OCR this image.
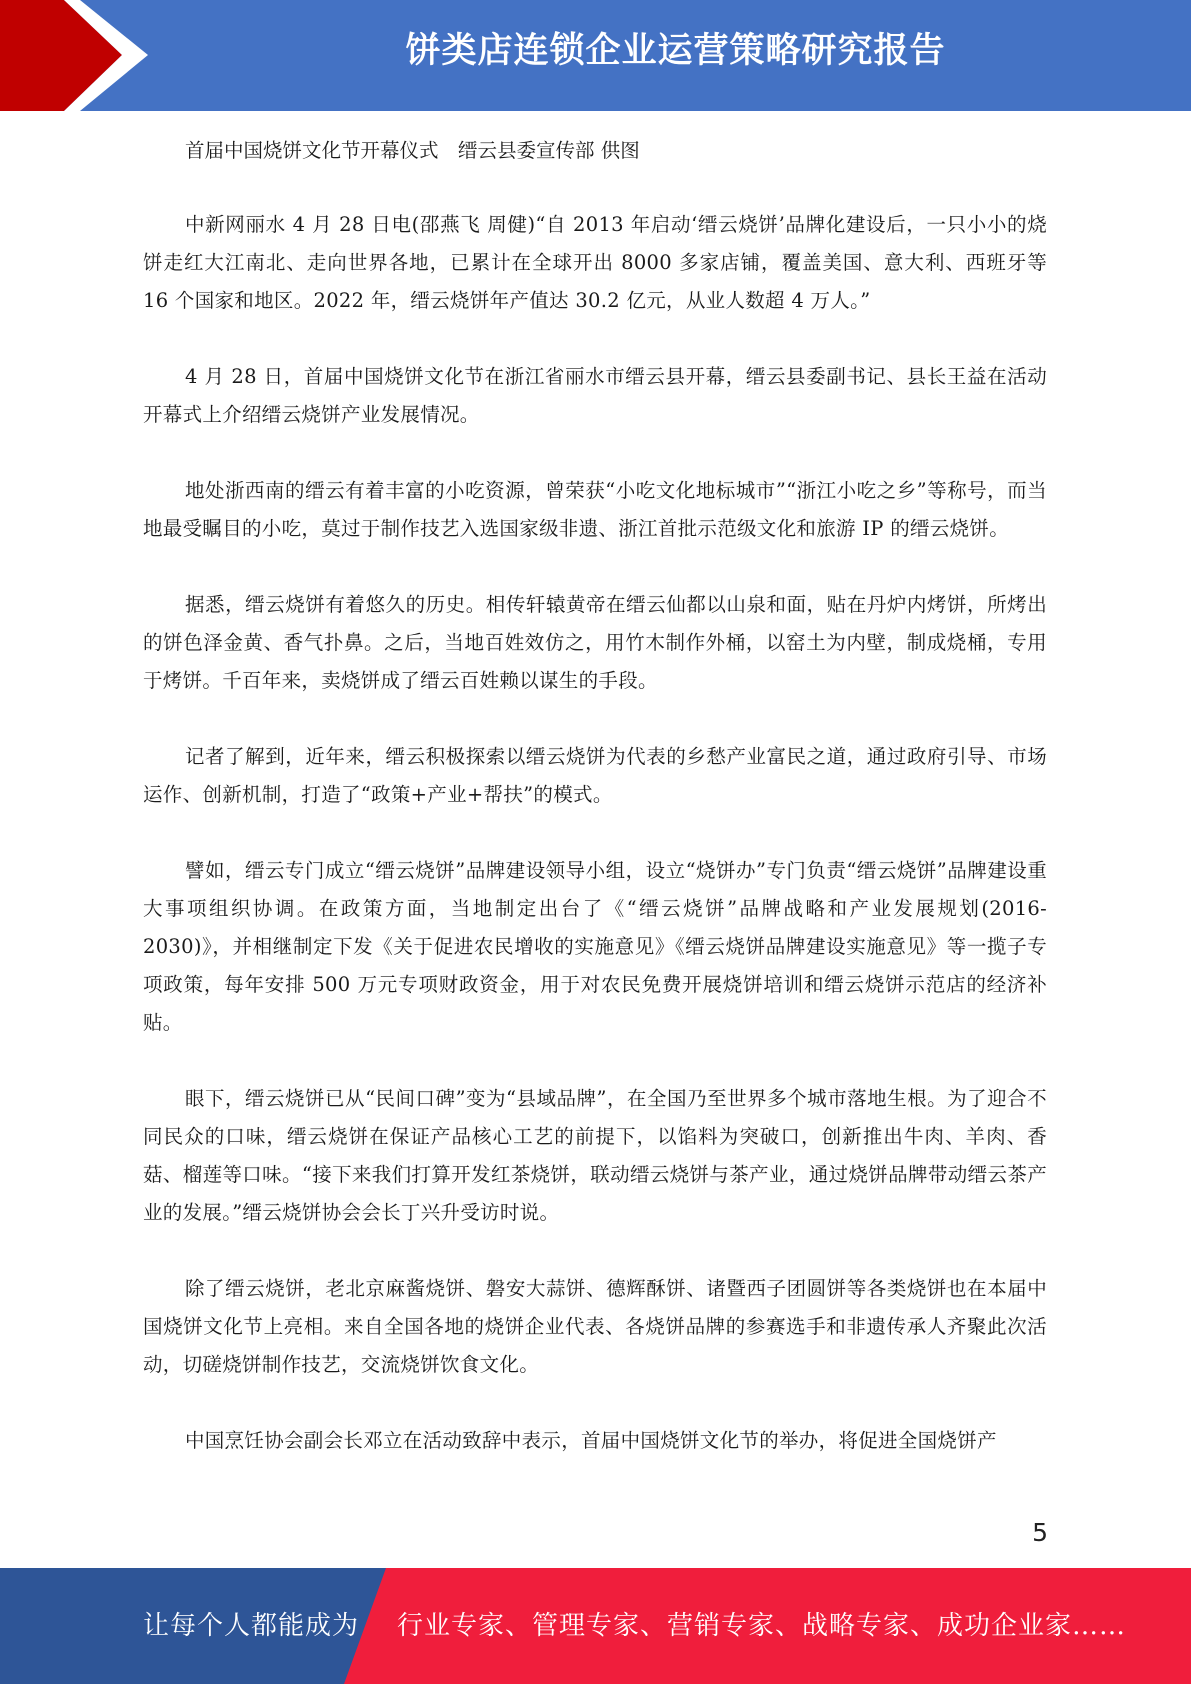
饼类店连锁企业运营策略研究报告

首届中国烧饼文化节开幕仪式　缙云县委宣传部 供图

中新网丽水 4 月 28 日电(邵燕飞 周健)“自 2013 年启动‘缙云烧饼’品牌化建设后，一只小小的烧饼走红大江南北、走向世界各地，已累计在全球开出 8000 多家店铺，覆盖美国、意大利、西班牙等 16 个国家和地区。2022 年，缙云烧饼年产值达 30.2 亿元，从业人数超 4 万人。”

4 月 28 日，首届中国烧饼文化节在浙江省丽水市缙云县开幕，缙云县委副书记、县长王益在活动开幕式上介绍缙云烧饼产业发展情况。

地处浙西南的缙云有着丰富的小吃资源，曾荣获“小吃文化地标城市”“浙江小吃之乡”等称号，而当地最受瞩目的小吃，莫过于制作技艺入选国家级非遗、浙江首批示范级文化和旅游 IP 的缙云烧饼。

据悉，缙云烧饼有着悠久的历史。相传轩辕黄帝在缙云仙都以山泉和面，贴在丹炉内烤饼，所烤出的饼色泽金黄、香气扑鼻。之后，当地百姓效仿之，用竹木制作外桶，以窑土为内壁，制成烧桶，专用于烤饼。千百年来，卖烧饼成了缙云百姓赖以谋生的手段。

记者了解到，近年来，缙云积极探索以缙云烧饼为代表的乡愁产业富民之道，通过政府引导、市场运作、创新机制，打造了“政策+产业+帮扶”的模式。

譬如，缙云专门成立“缙云烧饼”品牌建设领导小组，设立“烧饼办”专门负责“缙云烧饼”品牌建设重大事项组织协调。在政策方面，当地制定出台了《“缙云烧饼”品牌战略和产业发展规划(2016-2030)》，并相继制定下发《关于促进农民增收的实施意见》《缙云烧饼品牌建设实施意见》等一揽子专项政策，每年安排 500 万元专项财政资金，用于对农民免费开展烧饼培训和缙云烧饼示范店的经济补贴。

眼下，缙云烧饼已从“民间口碑”变为“县域品牌”，在全国乃至世界多个城市落地生根。为了迎合不同民众的口味，缙云烧饼在保证产品核心工艺的前提下，以馅料为突破口，创新推出牛肉、羊肉、香菇、榴莲等口味。“接下来我们打算开发红茶烧饼，联动缙云烧饼与茶产业，通过烧饼品牌带动缙云茶产业的发展。”缙云烧饼协会会长丁兴升受访时说。

除了缙云烧饼，老北京麻酱烧饼、磐安大蒜饼、德辉酥饼、诸暨西子团圆饼等各类烧饼也在本届中国烧饼文化节上亮相。来自全国各地的烧饼企业代表、各烧饼品牌的参赛选手和非遗传承人齐聚此次活动，切磋烧饼制作技艺，交流烧饼饮食文化。

中国烹饪协会副会长邓立在活动致辞中表示，首届中国烧饼文化节的举办，将促进全国烧饼产

5
让每个人都能成为 行业专家、管理专家、营销专家、战略专家、成功企业家……
